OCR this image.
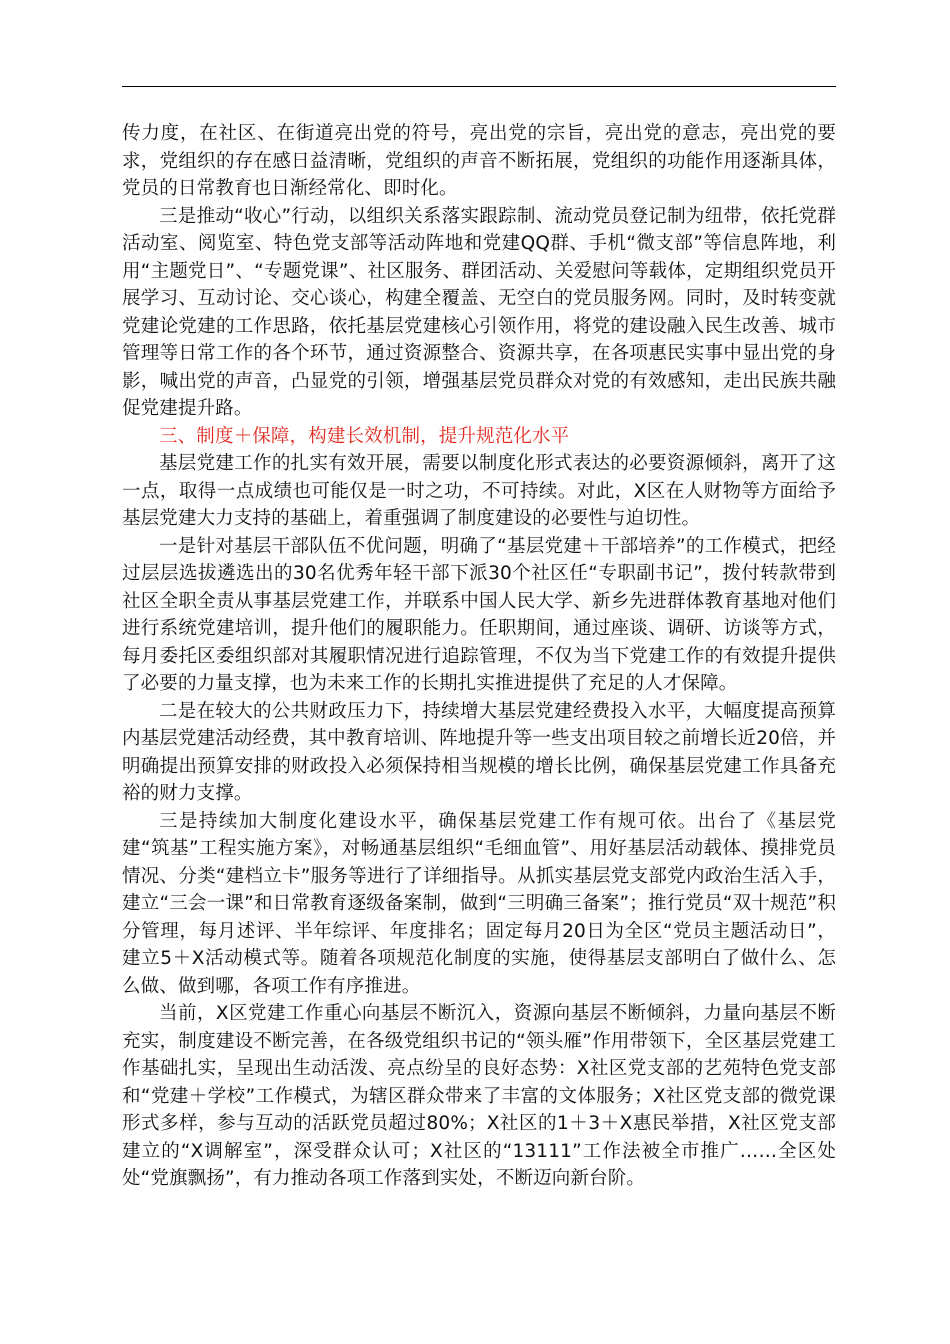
传力度，在社区、在街道亮出党的符号，亮出党的宗旨，亮出党的意志，亮出党的要求，党组织的存在感日益清晰，党组织的声音不断拓展，党组织的功能作用逐渐具体，党员的日常教育也日渐经常化、即时化。

三是推动“收心”行动，以组织关系落实跟踪制、流动党员登记制为纽带，依托党群活动室、阅览室、特色党支部等活动阵地和党建QQ群、手机“微支部”等信息阵地，利用“主题党日”、“专题党课”、社区服务、群团活动、关爱慰问等载体，定期组织党员开展学习、互动讨论、交心谈心，构建全覆盖、无空白的党员服务网。同时，及时转变就党建论党建的工作思路，依托基层党建核心引领作用，将党的建设融入民生改善、城市管理等日常工作的各个环节，通过资源整合、资源共享，在各项惠民实事中显出党的身影，喊出党的声音，凸显党的引领，增强基层党员群众对党的有效感知，走出民族共融促党建提升路。

三、制度＋保障，构建长效机制，提升规范化水平

基层党建工作的扎实有效开展，需要以制度化形式表达的必要资源倾斜，离开了这一点，取得一点成绩也可能仅是一时之功，不可持续。对此，X区在人财物等方面给予基层党建大力支持的基础上，着重强调了制度建设的必要性与迫切性。

一是针对基层干部队伍不优问题，明确了“基层党建＋干部培养”的工作模式，把经过层层选拔遴选出的30名优秀年轻干部下派30个社区任“专职副书记”，拨付转款带到社区全职全责从事基层党建工作，并联系中国人民大学、新乡先进群体教育基地对他们进行系统党建培训，提升他们的履职能力。任职期间，通过座谈、调研、访谈等方式，每月委托区委组织部对其履职情况进行追踪管理，不仅为当下党建工作的有效提升提供了必要的力量支撑，也为未来工作的长期扎实推进提供了充足的人才保障。

二是在较大的公共财政压力下，持续增大基层党建经费投入水平，大幅度提高预算内基层党建活动经费，其中教育培训、阵地提升等一些支出项目较之前增长近20倍，并明确提出预算安排的财政投入必须保持相当规模的增长比例，确保基层党建工作具备充裕的财力支撑。

三是持续加大制度化建设水平，确保基层党建工作有规可依。出台了《基层党建“筑基”工程实施方案》，对畅通基层组织“毛细血管”、用好基层活动载体、摸排党员情况、分类“建档立卡”服务等进行了详细指导。从抓实基层党支部党内政治生活入手，建立“三会一课”和日常教育逐级备案制，做到“三明确三备案”；推行党员“双十规范”积分管理，每月述评、半年综评、年度排名；固定每月20日为全区“党员主题活动日”，建立5＋X活动模式等。随着各项规范化制度的实施，使得基层支部明白了做什么、怎么做、做到哪，各项工作有序推进。

当前，X区党建工作重心向基层不断沉入，资源向基层不断倾斜，力量向基层不断充实，制度建设不断完善，在各级党组织书记的“领头雁”作用带领下，全区基层党建工作基础扎实，呈现出生动活泼、亮点纷呈的良好态势：X社区党支部的艺苑特色党支部和“党建＋学校”工作模式，为辖区群众带来了丰富的文体服务；X社区党支部的微党课形式多样，参与互动的活跃党员超过80%；X社区的1＋3＋X惠民举措，X社区党支部建立的“X调解室”，深受群众认可；X社区的“13111”工作法被全市推广……全区处处“党旗飘扬”，有力推动各项工作落到实处，不断迈向新台阶。
